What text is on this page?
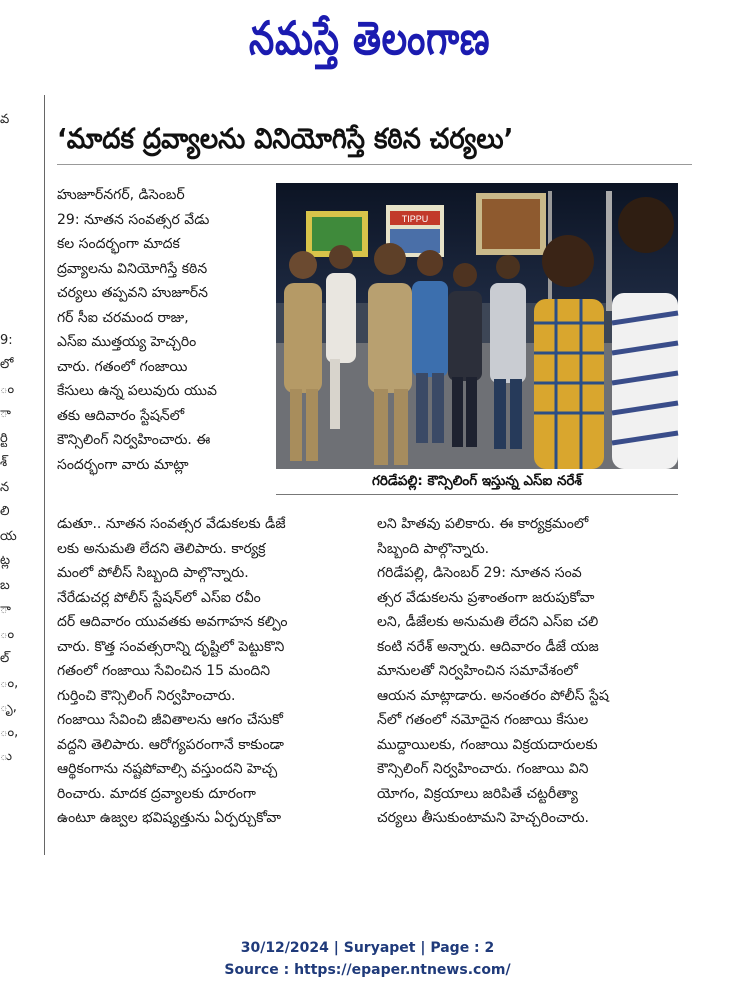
నమస్తే తెలంగాణ
వ
9:
లో
ం
ా
ర్టి
శ్
న
లి
య
ట్ల
బ
ా
ం
ల్
ం,
ృ,
ం,
ు
‘మాదక ద్రవ్యాలను వినియోగిస్తే కఠిన చర్యలు’
హుజూర్‌నగర్, డిసెంబర్
29: నూతన సంవత్సర వేడు
కల సందర్భంగా మాదక
ద్రవ్యాలను వినియోగిస్తే కఠిన
చర్యలు తప్పవని హుజూర్‌న
గర్ సీఐ చరమంద రాజు,
ఎస్ఐ ముత్తయ్య హెచ్చరిం
చారు. గతంలో గంజాయి
కేసులు ఉన్న పలువురు యువ
తకు ఆదివారం స్టేషన్‌లో
కౌన్సిలింగ్ నిర్వహించారు. ఈ
సందర్భంగా వారు మాట్లా
TIPPU
గరిడేపల్లి: కౌన్సిలింగ్ ఇస్తున్న ఎస్ఐ నరేశ్
డుతూ.. నూతన సంవత్సర వేడుకలకు డీజే
లకు అనుమతి లేదని తెలిపారు. కార్యక్ర
మంలో పోలీస్ సిబ్బంది పాల్గొన్నారు.
నేరేడుచర్ల పోలీస్ స్టేషన్‌లో ఎస్ఐ రవీం
దర్ ఆదివారం యువతకు అవగాహన కల్పిం
చారు. కొత్త సంవత్సరాన్ని దృష్టిలో పెట్టుకొని
గతంలో గంజాయి సేవించిన 15 మందిని
గుర్తించి కౌన్సిలింగ్ నిర్వహించారు.
గంజాయి సేవించి జీవితాలను ఆగం చేసుకో
వద్దని తెలిపారు. ఆరోగ్యపరంగానే కాకుండా
ఆర్థికంగాను నష్టపోవాల్సి వస్తుందని హెచ్చ
రించారు. మాదక ద్రవ్యాలకు దూరంగా
ఉంటూ ఉజ్వల భవిష్యత్తును ఏర్పర్చుకోవా
లని హితవు పలికారు. ఈ కార్యక్రమంలో
సిబ్బంది పాల్గొన్నారు.
గరిడేపల్లి, డిసెంబర్ 29: నూతన సంవ
త్సర వేడుకలను ప్రశాంతంగా జరుపుకోవా
లని, డీజేలకు అనుమతి లేదని ఎస్ఐ చలి
కంటి నరేశ్ అన్నారు. ఆదివారం డీజే యజ
మానులతో నిర్వహించిన సమావేశంలో
ఆయన మాట్లాడారు. అనంతరం పోలీస్ స్టేష
న్‌లో గతంలో నమోదైన గంజాయి కేసుల
ముద్దాయిలకు, గంజాయి విక్రయదారులకు
కౌన్సిలింగ్ నిర్వహించారు. గంజాయి విని
యోగం, విక్రయాలు జరిపితే చట్టరీత్యా
చర్యలు తీసుకుంటామని హెచ్చరించారు.
30/12/2024 | Suryapet | Page : 2
Source : https://epaper.ntnews.com/
